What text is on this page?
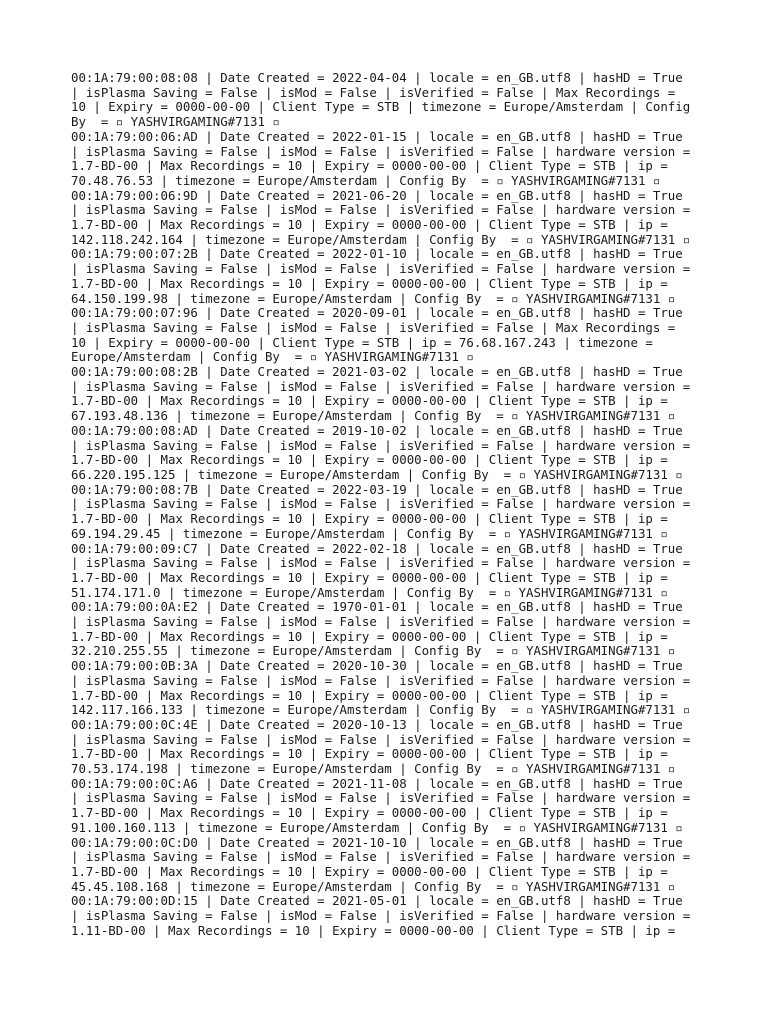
00:1A:79:00:08:08 | Date Created = 2022-04-04 | locale = en_GB.utf8 | hasHD = True
| isPlasma Saving = False | isMod = False | isVerified = False | Max Recordings =
10 | Expiry = 0000-00-00 | Client Type = STB | timezone = Europe/Amsterdam | Config
By  = ▫ YASHVIRGAMING#7131 ▫
00:1A:79:00:06:AD | Date Created = 2022-01-15 | locale = en_GB.utf8 | hasHD = True
| isPlasma Saving = False | isMod = False | isVerified = False | hardware version =
1.7-BD-00 | Max Recordings = 10 | Expiry = 0000-00-00 | Client Type = STB | ip =
70.48.76.53 | timezone = Europe/Amsterdam | Config By  = ▫ YASHVIRGAMING#7131 ▫
00:1A:79:00:06:9D | Date Created = 2021-06-20 | locale = en_GB.utf8 | hasHD = True
| isPlasma Saving = False | isMod = False | isVerified = False | hardware version =
1.7-BD-00 | Max Recordings = 10 | Expiry = 0000-00-00 | Client Type = STB | ip =
142.118.242.164 | timezone = Europe/Amsterdam | Config By  = ▫ YASHVIRGAMING#7131 ▫
00:1A:79:00:07:2B | Date Created = 2022-01-10 | locale = en_GB.utf8 | hasHD = True
| isPlasma Saving = False | isMod = False | isVerified = False | hardware version =
1.7-BD-00 | Max Recordings = 10 | Expiry = 0000-00-00 | Client Type = STB | ip =
64.150.199.98 | timezone = Europe/Amsterdam | Config By  = ▫ YASHVIRGAMING#7131 ▫
00:1A:79:00:07:96 | Date Created = 2020-09-01 | locale = en_GB.utf8 | hasHD = True
| isPlasma Saving = False | isMod = False | isVerified = False | Max Recordings =
10 | Expiry = 0000-00-00 | Client Type = STB | ip = 76.68.167.243 | timezone =
Europe/Amsterdam | Config By  = ▫ YASHVIRGAMING#7131 ▫
00:1A:79:00:08:2B | Date Created = 2021-03-02 | locale = en_GB.utf8 | hasHD = True
| isPlasma Saving = False | isMod = False | isVerified = False | hardware version =
1.7-BD-00 | Max Recordings = 10 | Expiry = 0000-00-00 | Client Type = STB | ip =
67.193.48.136 | timezone = Europe/Amsterdam | Config By  = ▫ YASHVIRGAMING#7131 ▫
00:1A:79:00:08:AD | Date Created = 2019-10-02 | locale = en_GB.utf8 | hasHD = True
| isPlasma Saving = False | isMod = False | isVerified = False | hardware version =
1.7-BD-00 | Max Recordings = 10 | Expiry = 0000-00-00 | Client Type = STB | ip =
66.220.195.125 | timezone = Europe/Amsterdam | Config By  = ▫ YASHVIRGAMING#7131 ▫
00:1A:79:00:08:7B | Date Created = 2022-03-19 | locale = en_GB.utf8 | hasHD = True
| isPlasma Saving = False | isMod = False | isVerified = False | hardware version =
1.7-BD-00 | Max Recordings = 10 | Expiry = 0000-00-00 | Client Type = STB | ip =
69.194.29.45 | timezone = Europe/Amsterdam | Config By  = ▫ YASHVIRGAMING#7131 ▫
00:1A:79:00:09:C7 | Date Created = 2022-02-18 | locale = en_GB.utf8 | hasHD = True
| isPlasma Saving = False | isMod = False | isVerified = False | hardware version =
1.7-BD-00 | Max Recordings = 10 | Expiry = 0000-00-00 | Client Type = STB | ip =
51.174.171.0 | timezone = Europe/Amsterdam | Config By  = ▫ YASHVIRGAMING#7131 ▫
00:1A:79:00:0A:E2 | Date Created = 1970-01-01 | locale = en_GB.utf8 | hasHD = True
| isPlasma Saving = False | isMod = False | isVerified = False | hardware version =
1.7-BD-00 | Max Recordings = 10 | Expiry = 0000-00-00 | Client Type = STB | ip =
32.210.255.55 | timezone = Europe/Amsterdam | Config By  = ▫ YASHVIRGAMING#7131 ▫
00:1A:79:00:0B:3A | Date Created = 2020-10-30 | locale = en_GB.utf8 | hasHD = True
| isPlasma Saving = False | isMod = False | isVerified = False | hardware version =
1.7-BD-00 | Max Recordings = 10 | Expiry = 0000-00-00 | Client Type = STB | ip =
142.117.166.133 | timezone = Europe/Amsterdam | Config By  = ▫ YASHVIRGAMING#7131 ▫
00:1A:79:00:0C:4E | Date Created = 2020-10-13 | locale = en_GB.utf8 | hasHD = True
| isPlasma Saving = False | isMod = False | isVerified = False | hardware version =
1.7-BD-00 | Max Recordings = 10 | Expiry = 0000-00-00 | Client Type = STB | ip =
70.53.174.198 | timezone = Europe/Amsterdam | Config By  = ▫ YASHVIRGAMING#7131 ▫
00:1A:79:00:0C:A6 | Date Created = 2021-11-08 | locale = en_GB.utf8 | hasHD = True
| isPlasma Saving = False | isMod = False | isVerified = False | hardware version =
1.7-BD-00 | Max Recordings = 10 | Expiry = 0000-00-00 | Client Type = STB | ip =
91.100.160.113 | timezone = Europe/Amsterdam | Config By  = ▫ YASHVIRGAMING#7131 ▫
00:1A:79:00:0C:D0 | Date Created = 2021-10-10 | locale = en_GB.utf8 | hasHD = True
| isPlasma Saving = False | isMod = False | isVerified = False | hardware version =
1.7-BD-00 | Max Recordings = 10 | Expiry = 0000-00-00 | Client Type = STB | ip =
45.45.108.168 | timezone = Europe/Amsterdam | Config By  = ▫ YASHVIRGAMING#7131 ▫
00:1A:79:00:0D:15 | Date Created = 2021-05-01 | locale = en_GB.utf8 | hasHD = True
| isPlasma Saving = False | isMod = False | isVerified = False | hardware version =
1.11-BD-00 | Max Recordings = 10 | Expiry = 0000-00-00 | Client Type = STB | ip =
